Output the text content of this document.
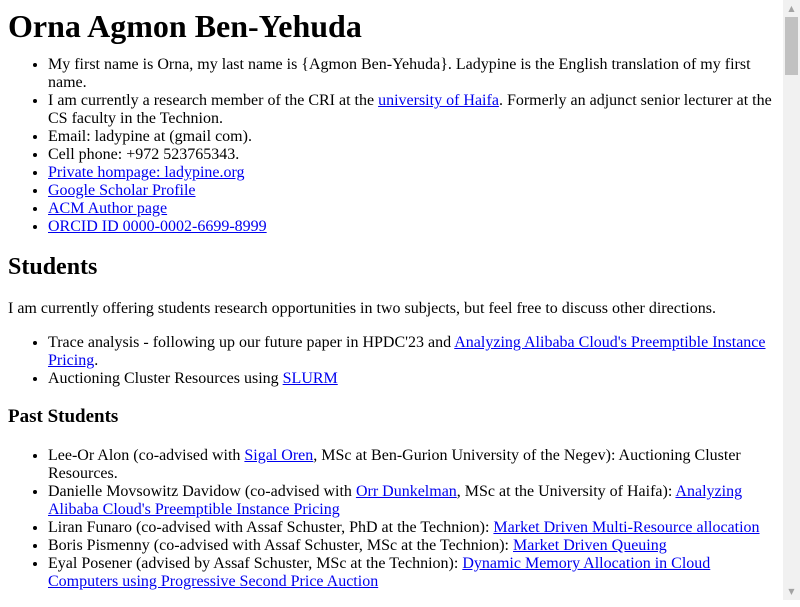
Orna Agmon Ben-Yehuda
• My first name is Orna, my last name is {Agmon Ben-Yehuda}. Ladypine is the English translation of my first name.
• I am currently a research member of the CRI at the university of Haifa. Formerly an adjunct senior lecturer at the CS faculty in the Technion.
• Email: ladypine at (gmail com).
• Cell phone: +972 523765343.
• Private hompage: ladypine.org
• Google Scholar Profile
• ACM Author page
• ORCID ID 0000-0002-6699-8999
Students

I am currently offering students research opportunities in two subjects, but feel free to discuss other directions.

• Trace analysis - following up our future paper in HPDC'23 and Analyzing Alibaba Cloud's Preemptible Instance Pricing.
• Auctioning Cluster Resources using SLURM
Past Students
• Lee-Or Alon (co-advised with Sigal Oren, MSc at Ben-Gurion University of the Negev): Auctioning Cluster Resources.
• Danielle Movsowitz Davidow (co-advised with Orr Dunkelman, MSc at the University of Haifa): Analyzing Alibaba Cloud's Preemptible Instance Pricing
• Liran Funaro (co-advised with Assaf Schuster, PhD at the Technion): Market Driven Multi-Resource allocation
• Boris Pismenny (co-advised with Assaf Schuster, MSc at the Technion): Market Driven Queuing
• Eyal Posener (advised by Assaf Schuster, MSc at the Technion): Dynamic Memory Allocation in Cloud Computers using Progressive Second Price Auction
▲
▼
